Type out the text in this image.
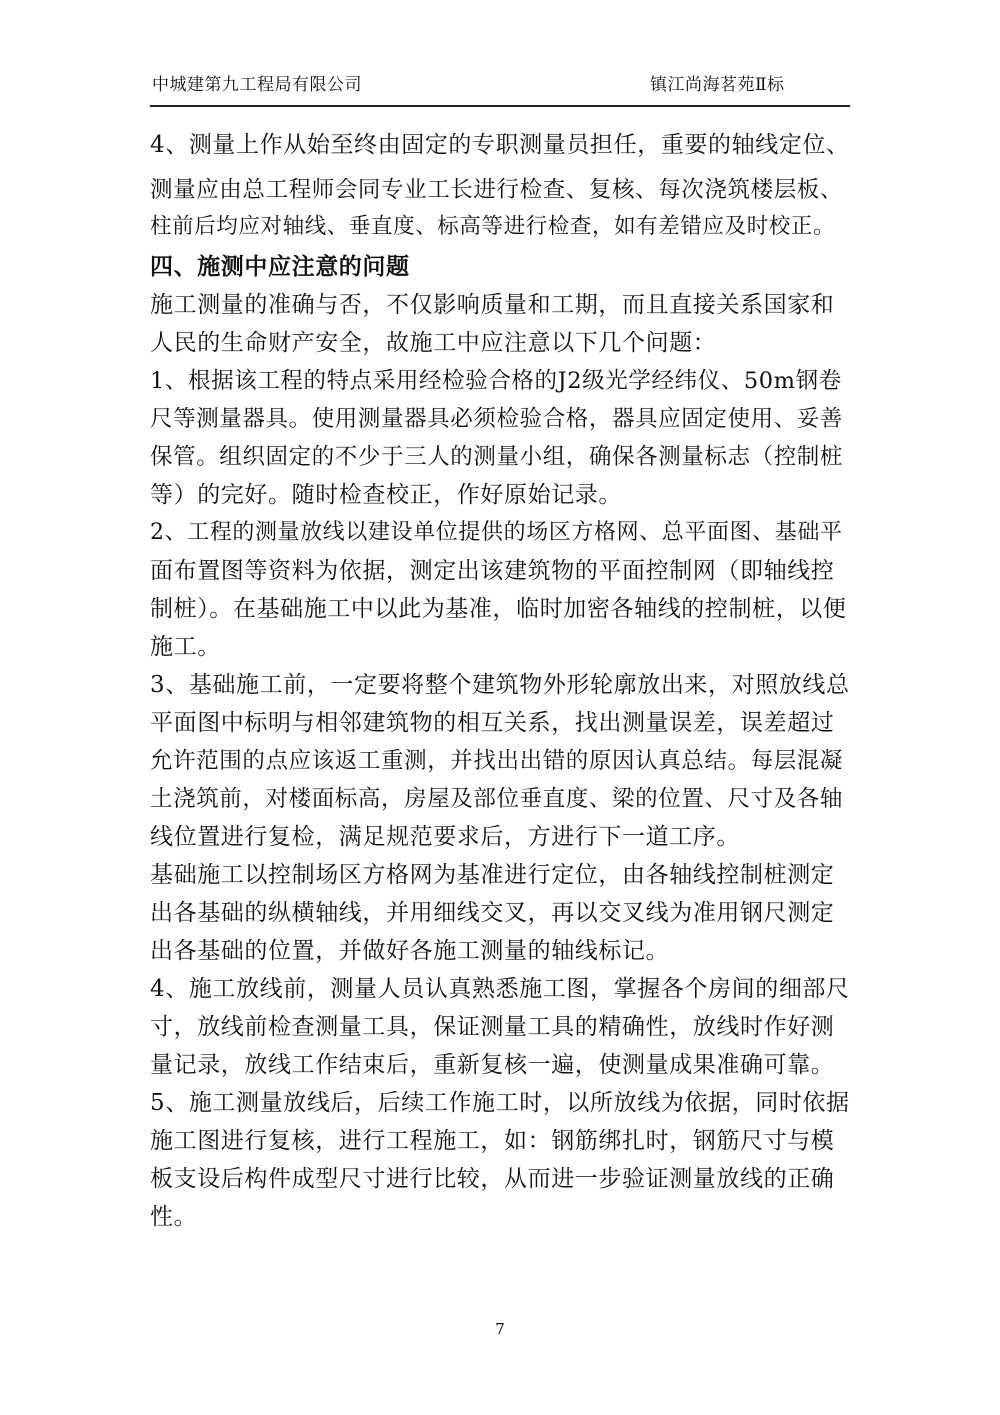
中城建第九工程局有限公司	镇江尚海茗苑Ⅱ标
4、测量上作从始至终由固定的专职测量员担任，重要的轴线定位、
测量应由总工程师会同专业工长进行检查、复核、每次浇筑楼层板、
柱前后均应对轴线、垂直度、标高等进行检查，如有差错应及时校正。
四、施测中应注意的问题
施工测量的准确与否，不仅影响质量和工期，而且直接关系国家和
人民的生命财产安全，故施工中应注意以下几个问题：
1、根据该工程的特点采用经检验合格的J2级光学经纬仪、50m钢卷
尺等测量器具。使用测量器具必须检验合格，器具应固定使用、妥善
保管。组织固定的不少于三人的测量小组，确保各测量标志（控制桩
等）的完好。随时检查校正，作好原始记录。
2、工程的测量放线以建设单位提供的场区方格网、总平面图、基础平
面布置图等资料为依据，测定出该建筑物的平面控制网（即轴线控
制桩）。在基础施工中以此为基准，临时加密各轴线的控制桩，以便
施工。
3、基础施工前，一定要将整个建筑物外形轮廓放出来，对照放线总
平面图中标明与相邻建筑物的相互关系，找出测量误差，误差超过
允许范围的点应该返工重测，并找出出错的原因认真总结。每层混凝
土浇筑前，对楼面标高，房屋及部位垂直度、梁的位置、尺寸及各轴
线位置进行复检，满足规范要求后，方进行下一道工序。
基础施工以控制场区方格网为基准进行定位，由各轴线控制桩测定
出各基础的纵横轴线，并用细线交叉，再以交叉线为准用钢尺测定
出各基础的位置，并做好各施工测量的轴线标记。
4、施工放线前，测量人员认真熟悉施工图，掌握各个房间的细部尺
寸，放线前检查测量工具，保证测量工具的精确性，放线时作好测
量记录，放线工作结束后，重新复核一遍，使测量成果准确可靠。
5、施工测量放线后，后续工作施工时，以所放线为依据，同时依据
施工图进行复核，进行工程施工，如：钢筋绑扎时，钢筋尺寸与模
板支设后构件成型尺寸进行比较，从而进一步验证测量放线的正确
性。
7
